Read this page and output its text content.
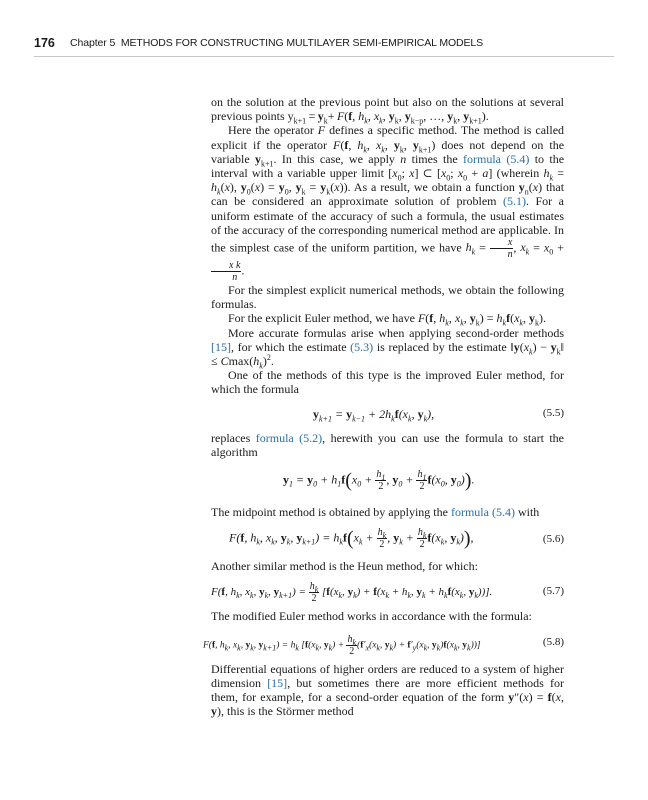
176 Chapter 5 METHODS FOR CONSTRUCTING MULTILAYER SEMI-EMPIRICAL MODELS

on the solution at the previous point but also on the solutions at several previous points $y_{k+1} = y_k+ F(f$, $h_k$, $x_k$, $y_k$, $y_{k-p}$, …, $y_k$, $y_{k+1}$).

Here the operator F defines a specific method. The method is called explicit if the operator F(f, $h_k$, $x_k$, $y_k$, $y_{k+1}$) does not depend on the variable $y_{k+1}$. In this case, we apply n times the formula (5.4) to the interval with a variable upper limit [$x_0$; x] ⊂ [$x_0$; $x_0 + a$] (wherein $h_k = h_k(x)$, $y_0(x) = y_0$, $y_k = y_k(x)$). As a result, we obtain a function $y_n(x)$ that can be considered an approximate solution of problem (5.1). For a uniform estimate of the accuracy of such a formula, the usual estimates of the accuracy of the corresponding numerical method are applicable. In the simplest case of the uniform partition, we have $h_k = \frac{x}{n}$ , $x_k = x_0$ +
$\frac{\text{x k}}{n}$ .

For the simplest explicit numerical methods, we obtain the following formulas.

For the explicit Euler method, we have F(f, $h_k$, $x_k$, $y_k) = h_kf(x_k$, $y_k$).

More accurate formulas arise when applying second-order methods [15], for which the estimate (5.3) is replaced by the estimate $‖y(x_k)$ − $y_k‖ \le Cmax(h_k)^2$.

One of the methods of this type is the improved Euler method, for which the formula

$y_{k+1} = y_{k-1} + 2h_kf(x_k$, $y_k$),	(5.5)

replaces formula (5.2), herewith you can use the formula to start the algorithm

$y_1 = y_0 + h_1f(x_0 + \frac{h_1}{2}$ , $y_0 + \frac{h_1}{2} f(x_0$, $y_0$)).

The midpoint method is obtained by applying the formula (5.4) with

F(f, $h_k$, $x_k$, $y_k$, $y_{k+1}) = h_kf(x_k + \frac{h_k}{2}$ , $y_k + \frac{h_k}{2} f(x_k$, $y_k$)),	(5.6)

Another similar method is the Heun method, for which:

F(f, $h_k$, $x_k$, $y_k$, $y_{k+1}) = \frac{h_k}{2} [f(x_k$, $y_k) + f(x_k + h_k$, $y_k + h_kf(x_k$, $y_k$))].	(5.7)

The modified Euler method works in accordance with the formula:

F(f, $h_k$, $x_k$, $y_k$, $y_{k+1}) = h_k$ [$f(x_k$, $y_k) + \frac{h_k}{2} (f'_x(x_k$, $y_k) + f'_y(x_k$, $y_k)f(x_k$, $y_k$))]	(5.8)

Differential equations of higher orders are reduced to a system of higher dimension [15], but sometimes there are more efficient methods for them, for example, for a second-order equation of the form y″(x) = f(x, y), this is the Störmer method
